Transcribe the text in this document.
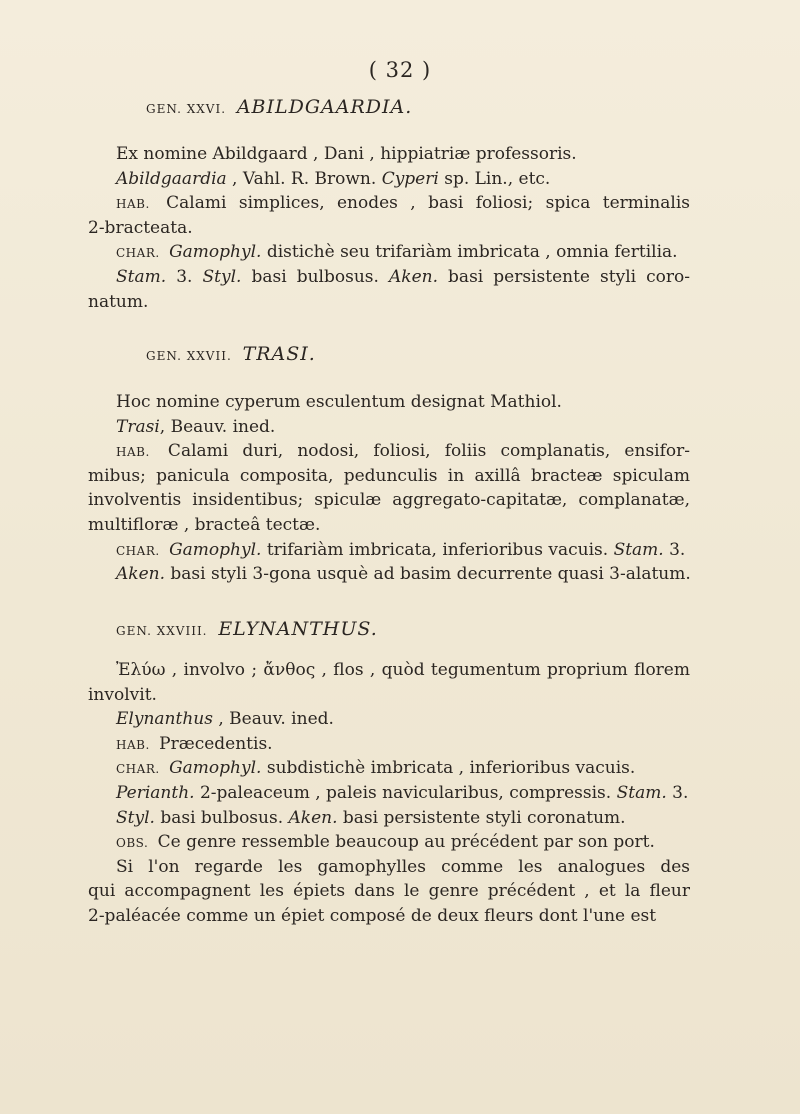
( 32 )
GEN. XXVI. ABILDGAARDIA.
Ex nomine Abildgaard , Dani , hippiatriæ professoris.
Abildgaardia , Vahl. R. Brown. Cyperi sp. Lin., etc.
HAB. Calami simplices, enodes , basi foliosi; spica terminalis
2-bracteata.
CHAR. Gamophyl. distichè seu trifariàm imbricata , omnia fertilia.
Stam. 3. Styl. basi bulbosus. Aken. basi persistente styli coro-
natum.
GEN. XXVII. TRASI.
Hoc nomine cyperum esculentum designat Mathiol.
Trasi, Beauv. ined.
HAB. Calami duri, nodosi, foliosi, foliis complanatis, ensifor-
mibus; panicula composita, pedunculis in axillâ bracteæ spiculam
involventis insidentibus; spiculæ aggregato-capitatæ, complanatæ,
multifloræ , bracteâ tectæ.
CHAR. Gamophyl. trifariàm imbricata, inferioribus vacuis. Stam. 3.
Aken. basi styli 3-gona usquè ad basim decurrente quasi 3-alatum.
GEN. XXVIII. ELYNANTHUS.
Ἐλύω , involvo ; ἄνθος , flos , quòd tegumentum proprium florem
involvit.
Elynanthus , Beauv. ined.
HAB. Præcedentis.
CHAR. Gamophyl. subdistichè imbricata , inferioribus vacuis.
Perianth. 2-paleaceum , paleis navicularibus, compressis. Stam. 3.
Styl. basi bulbosus. Aken. basi persistente styli coronatum.
OBS. Ce genre ressemble beaucoup au précédent par son port.
Si l'on regarde les gamophylles comme les analogues des
qui accompagnent les épiets dans le genre précédent , et la fleur
2-paléacée comme un épiet composé de deux fleurs dont l'une est
